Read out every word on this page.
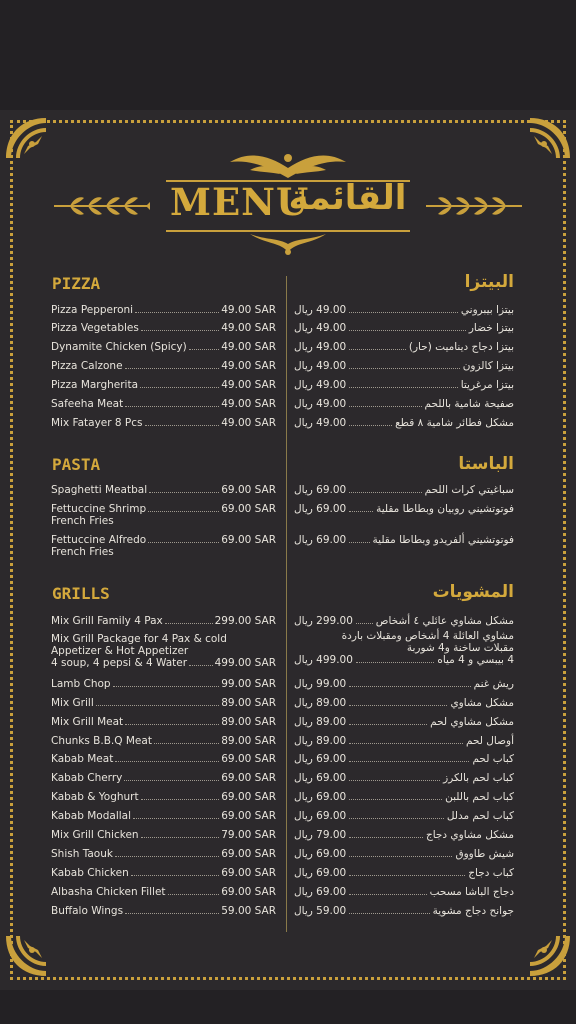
MENU
القائمة
PIZZA	البيتزا
PASTA	الباستا
GRILLS	المشويات
Pizza Pepperoni	49.00 SAR
Pizza Vegetables	49.00 SAR
Dynamite Chicken (Spicy)	49.00 SAR
Pizza Calzone	49.00 SAR
Pizza Margherita	49.00 SAR
Safeeha Meat	49.00 SAR
Mix Fatayer 8 Pcs	49.00 SAR
49.00 ريال	بيتزا بيبروني
49.00 ريال	بيتزا خضار
49.00 ريال	بيتزا دجاج ديناميت (حار)
49.00 ريال	بيتزا كالزون
49.00 ريال	بيتزا مرغريتا
49.00 ريال	صفيحة شامية باللحم
49.00 ريال	مشكل فطائر شامية ٨ قطع
Spaghetti Meatbal	69.00 SAR
Fettuccine Shrimp	69.00 SAR
French Fries
Fettuccine Alfredo	69.00 SAR
French Fries
69.00 ريال	سباغيتي كرات اللحم
69.00 ريال	فوتوتشيني روبيان وبطاطا مقلية
69.00 ريال	فوتوتشيني ألفريدو وبطاطا مقلية
Mix Grill Family 4 Pax	299.00 SAR
Mix Grill Package for 4 Pax & cold
Appetizer & Hot Appetizer
4 soup, 4 pepsi & 4 Water	499.00 SAR
Lamb Chop	99.00 SAR
Mix Grill	89.00 SAR
Mix Grill Meat	89.00 SAR
Chunks B.B.Q Meat	89.00 SAR
Kabab Meat	69.00 SAR
Kabab Cherry	69.00 SAR
Kabab & Yoghurt	69.00 SAR
Kabab Modallal	69.00 SAR
Mix Grill Chicken	79.00 SAR
Shish Taouk	69.00 SAR
Kabab Chicken	69.00 SAR
Albasha Chicken Fillet	69.00 SAR
Buffalo Wings	59.00 SAR
299.00 ريال مشكل مشاوي عائلي ٤ أشخاص
مشاوي العائلة 4 أشخاص ومقبلات باردة
مقبلات ساخنة و4 شوربة
499.00 ريال	4 بيبسي و 4 مياه
99.00 ريال	ريش غنم
89.00 ريال	مشكل مشاوي
89.00 ريال	مشكل مشاوي لحم
89.00 ريال	أوصال لحم
69.00 ريال	كباب لحم
69.00 ريال	كباب لحم بالكرز
69.00 ريال	كباب لحم باللبن
69.00 ريال	كباب لحم مدلل
79.00 ريال	مشكل مشاوي دجاج
69.00 ريال	شيش طاووق
69.00 ريال	كباب دجاج
69.00 ريال	دجاج الباشا مسحب
59.00 ريال	جوانح دجاج مشوية
